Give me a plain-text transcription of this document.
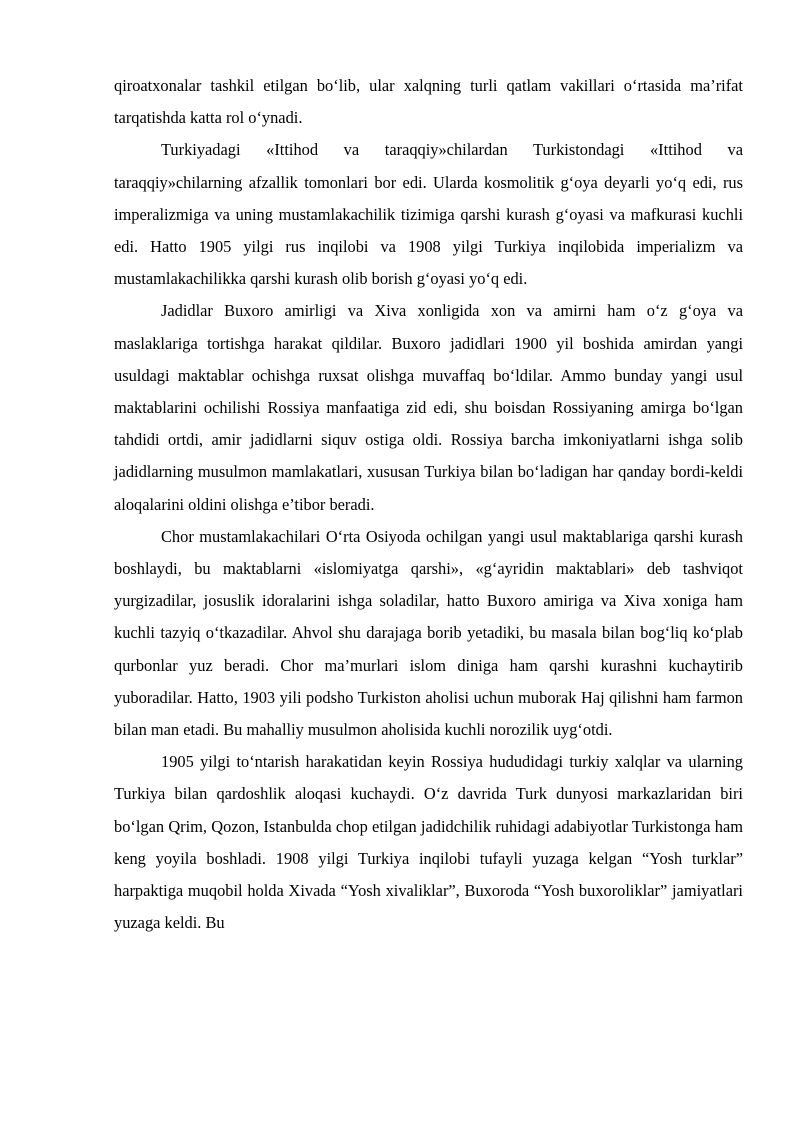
qiroatxonalar tashkil etilgan bo‘lib, ular xalqning turli qatlam vakillari o‘rtasida ma’rifat tarqatishda katta rol o‘ynadi.

Turkiyadagi «Ittihod va taraqqiy»chilardan Turkistondagi «Ittihod va taraqqiy»chilarning afzallik tomonlari bor edi. Ularda kosmolitik g‘oya deyarli yo‘q edi, rus imperalizmiga va uning mustamlakachilik tizimiga qarshi kurash g‘oyasi va mafkurasi kuchli edi. Hatto 1905 yilgi rus inqilobi va 1908 yilgi Turkiya inqilobida imperializm va mustamlakachilikka qarshi kurash olib borish g‘oyasi yo‘q edi.

Jadidlar Buxoro amirligi va Xiva xonligida xon va amirni ham o‘z g‘oya va maslaklariga tortishga harakat qildilar. Buxoro jadidlari 1900 yil boshida amirdan yangi usuldagi maktablar ochishga ruxsat olishga muvaffaq bo‘ldilar. Ammo bunday yangi usul maktablarini ochilishi Rossiya manfaatiga zid edi, shu boisdan Rossiyaning amirga bo‘lgan tahdidi ortdi, amir jadidlarni siquv ostiga oldi. Rossiya barcha imkoniyatlarni ishga solib jadidlarning musulmon mamlakatlari, xususan Turkiya bilan bo‘ladigan har qanday bordi-keldi aloqalarini oldini olishga e’tibor beradi.

Chor mustamlakachilari O‘rta Osiyoda ochilgan yangi usul maktablariga qarshi kurash boshlaydi, bu maktablarni «islomiyatga qarshi», «g‘ayridin maktablari» deb tashviqot yurgizadilar, josuslik idoralarini ishga soladilar, hatto Buxoro amiriga va Xiva xoniga ham kuchli tazyiq o‘tkazadilar. Ahvol shu darajaga borib yetadiki, bu masala bilan bog‘liq ko‘plab qurbonlar yuz beradi. Chor ma’murlari islom diniga ham qarshi kurashni kuchaytirib yuboradilar. Hatto, 1903 yili podsho Turkiston aholisi uchun muborak Haj qilishni ham farmon bilan man etadi. Bu mahalliy musulmon aholisida kuchli norozilik uyg‘otdi.

1905 yilgi to‘ntarish harakatidan keyin Rossiya hududidagi turkiy xalqlar va ularning Turkiya bilan qardoshlik aloqasi kuchaydi. O‘z davrida Turk dunyosi markazlaridan biri bo‘lgan Qrim, Qozon, Istanbulda chop etilgan jadidchilik ruhidagi adabiyotlar Turkistonga ham keng yoyila boshladi. 1908 yilgi Turkiya inqilobi tufayli yuzaga kelgan “Yosh turklar” harpaktiga muqobil holda Xivada “Yosh xivaliklar”, Buxoroda “Yosh buxoroliklar” jamiyatlari yuzaga keldi. Bu
